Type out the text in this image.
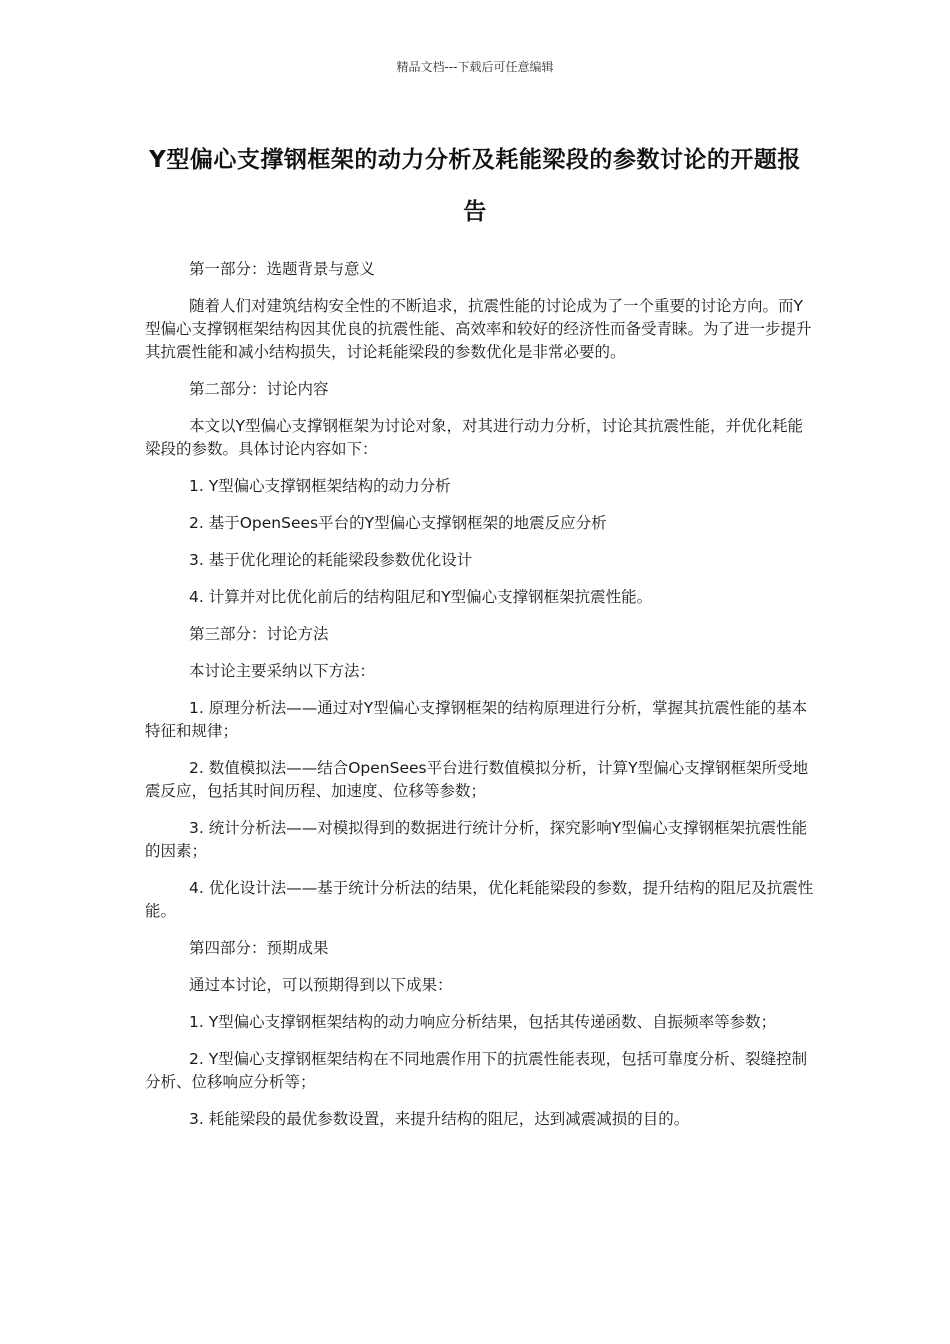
精品文档---下载后可任意编辑
Y型偏心支撑钢框架的动力分析及耗能梁段的参数讨论的开题报告

第一部分：选题背景与意义

随着人们对建筑结构安全性的不断追求，抗震性能的讨论成为了一个重要的讨论方向。而Y型偏心支撑钢框架结构因其优良的抗震性能、高效率和较好的经济性而备受青睐。为了进一步提升其抗震性能和减小结构损失，讨论耗能梁段的参数优化是非常必要的。

第二部分：讨论内容

本文以Y型偏心支撑钢框架为讨论对象，对其进行动力分析，讨论其抗震性能，并优化耗能梁段的参数。具体讨论内容如下：

1. Y型偏心支撑钢框架结构的动力分析

2. 基于OpenSees平台的Y型偏心支撑钢框架的地震反应分析

3. 基于优化理论的耗能梁段参数优化设计

4. 计算并对比优化前后的结构阻尼和Y型偏心支撑钢框架抗震性能。

第三部分：讨论方法

本讨论主要采纳以下方法：

1. 原理分析法——通过对Y型偏心支撑钢框架的结构原理进行分析，掌握其抗震性能的基本特征和规律；

2. 数值模拟法——结合OpenSees平台进行数值模拟分析，计算Y型偏心支撑钢框架所受地震反应，包括其时间历程、加速度、位移等参数；

3. 统计分析法——对模拟得到的数据进行统计分析，探究影响Y型偏心支撑钢框架抗震性能的因素；

4. 优化设计法——基于统计分析法的结果，优化耗能梁段的参数，提升结构的阻尼及抗震性能。

第四部分：预期成果

通过本讨论，可以预期得到以下成果：

1. Y型偏心支撑钢框架结构的动力响应分析结果，包括其传递函数、自振频率等参数；

2. Y型偏心支撑钢框架结构在不同地震作用下的抗震性能表现，包括可靠度分析、裂缝控制分析、位移响应分析等；

3. 耗能梁段的最优参数设置，来提升结构的阻尼，达到减震减损的目的。
